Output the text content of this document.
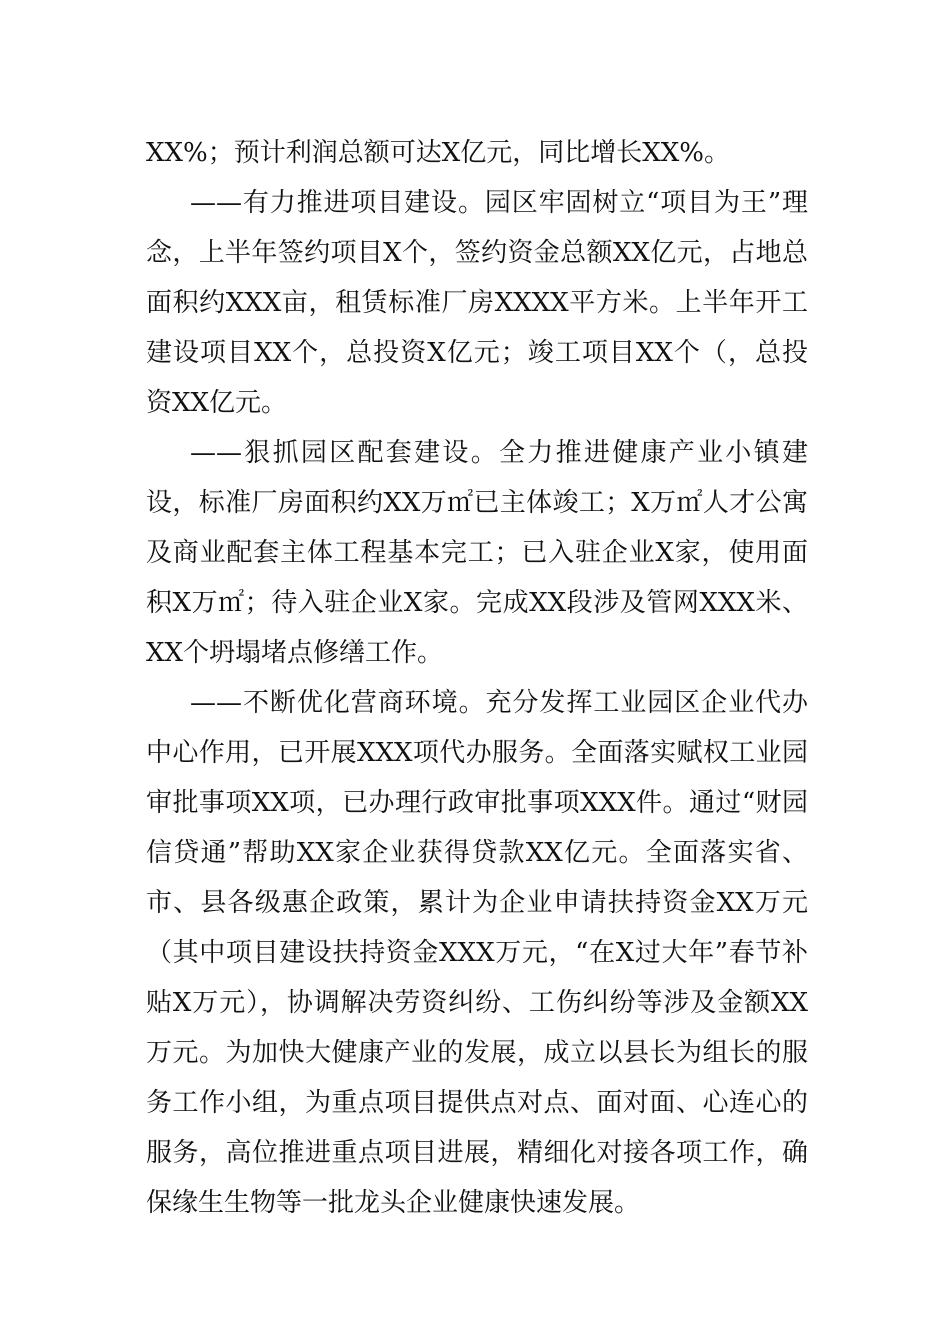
XX%；预计利润总额可达X亿元，同比增长XX%。

——有力推进项目建设。园区牢固树立“项目为王”理念，上半年签约项目X个，签约资金总额XX亿元，占地总面积约XXX亩，租赁标准厂房XXXX平方米。上半年开工建设项目XX个，总投资X亿元；竣工项目XX个（，总投资XX亿元。

——狠抓园区配套建设。全力推进健康产业小镇建设，标准厂房面积约XX万㎡已主体竣工；X万㎡人才公寓及商业配套主体工程基本完工；已入驻企业X家，使用面积X万㎡；待入驻企业X家。完成XX段涉及管网XXX米、XX个坍塌堵点修缮工作。

——不断优化营商环境。充分发挥工业园区企业代办中心作用，已开展XXX项代办服务。全面落实赋权工业园审批事项XX项，已办理行政审批事项XXX件。通过“财园信贷通”帮助XX家企业获得贷款XX亿元。全面落实省、市、县各级惠企政策，累计为企业申请扶持资金XX万元（其中项目建设扶持资金XXX万元，“在X过大年”春节补贴X万元），协调解决劳资纠纷、工伤纠纷等涉及金额XX万元。为加快大健康产业的发展，成立以县长为组长的服务工作小组，为重点项目提供点对点、面对面、心连心的服务，高位推进重点项目进展，精细化对接各项工作，确保缘生生物等一批龙头企业健康快速发展。
